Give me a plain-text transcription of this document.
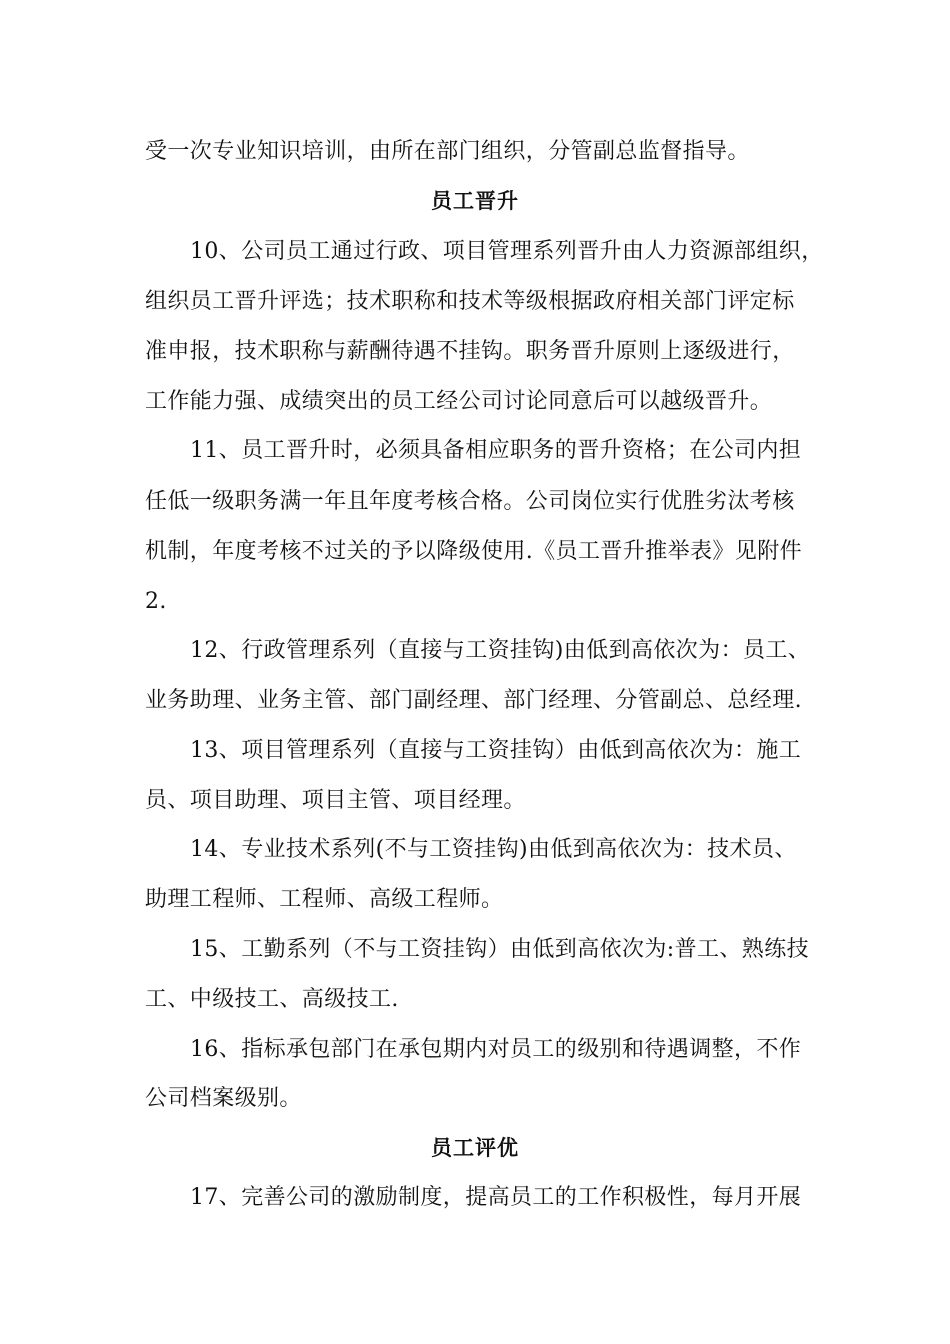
受一次专业知识培训，由所在部门组织，分管副总监督指导。
员工晋升
10、公司员工通过行政、项目管理系列晋升由人力资源部组织，
组织员工晋升评选；技术职称和技术等级根据政府相关部门评定标
准申报，技术职称与薪酬待遇不挂钩。职务晋升原则上逐级进行，
工作能力强、成绩突出的员工经公司讨论同意后可以越级晋升。
11、员工晋升时，必须具备相应职务的晋升资格；在公司内担
任低一级职务满一年且年度考核合格。公司岗位实行优胜劣汰考核
机制，年度考核不过关的予以降级使用.《员工晋升推举表》见附件
2.
12、行政管理系列（直接与工资挂钩)由低到高依次为：员工、
业务助理、业务主管、部门副经理、部门经理、分管副总、总经理.
13、项目管理系列（直接与工资挂钩）由低到高依次为：施工
员、项目助理、项目主管、项目经理。
14、专业技术系列(不与工资挂钩)由低到高依次为：技术员、
助理工程师、工程师、高级工程师。
15、工勤系列（不与工资挂钩）由低到高依次为:普工、熟练技
工、中级技工、高级技工.
16、指标承包部门在承包期内对员工的级别和待遇调整，不作
公司档案级别。
员工评优
17、完善公司的激励制度，提高员工的工作积极性，每月开展
